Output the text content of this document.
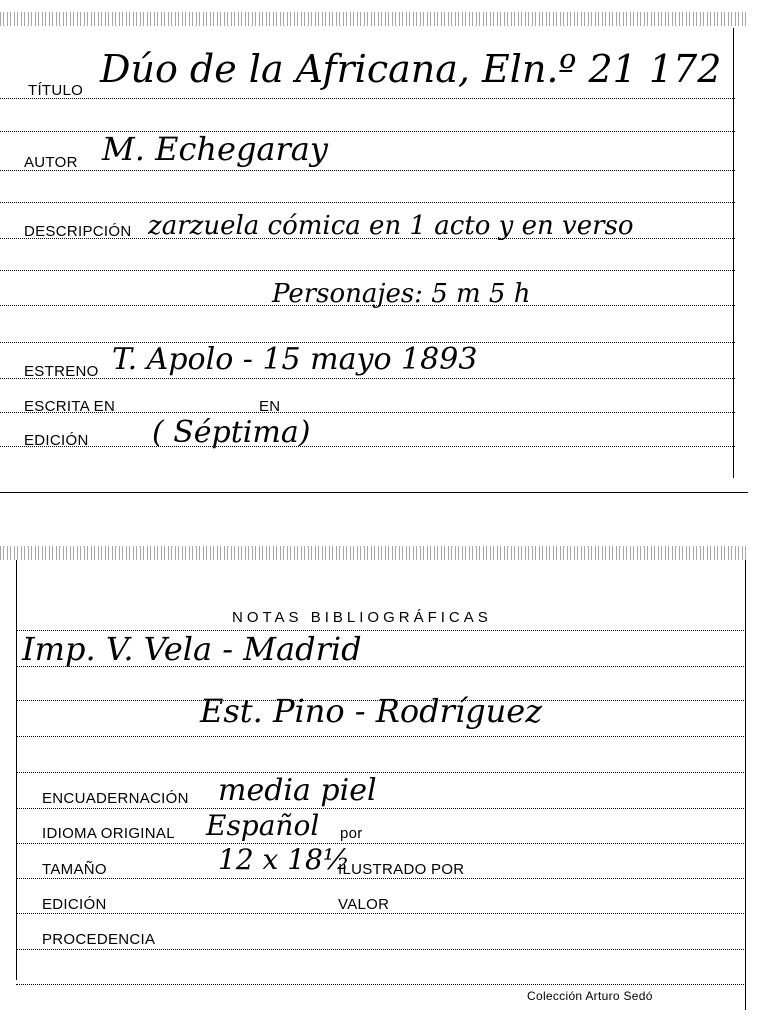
TÍTULO Dúo de la Africana, Eln.º 21 172
AUTOR M. Echegaray
DESCRIPCIÓN zarzuela cómica en 1 acto y en verso
Personajes: 5 m 5 h
ESTRENO T. Apolo - 15 mayo 1893
ESCRITA EN	EN
EDICIÓN ( Séptima)
NOTAS BIBLIOGRÁFICAS
Imp. V. Vela - Madrid
Est. Pino - Rodríguez
ENCUADERNACIÓN media piel
IDIOMA ORIGINAL Español por
TAMAÑO	12 x 18½
ILUSTRADO POR
EDICIÓN	VALOR
PROCEDENCIA
Colección Arturo Sedó
